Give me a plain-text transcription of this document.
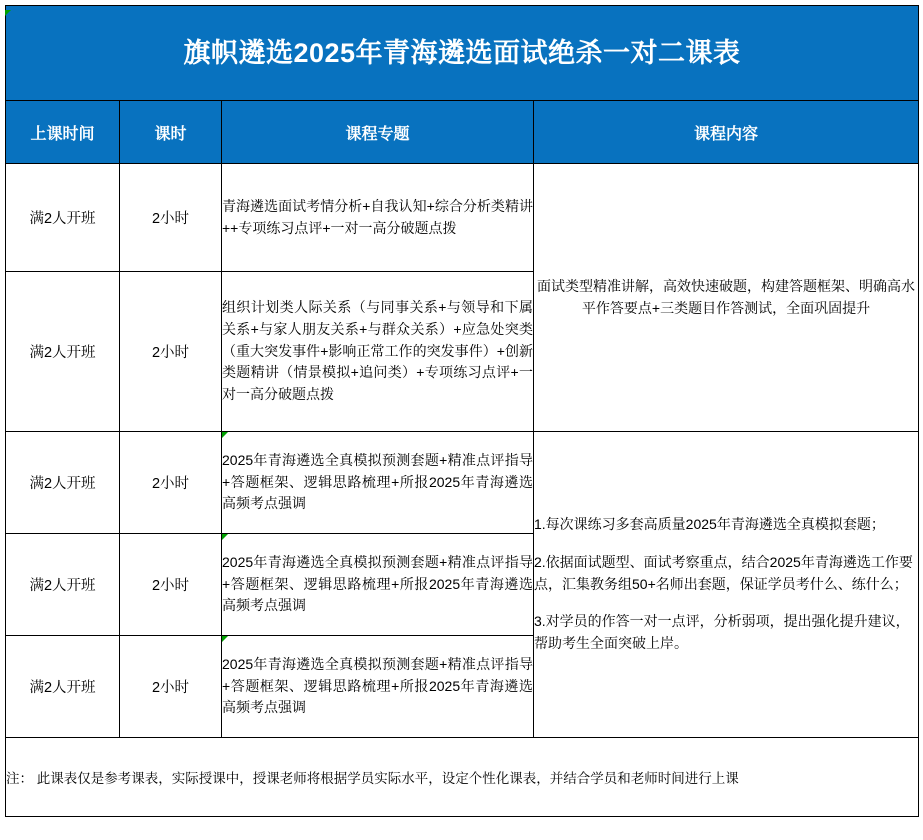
旗帜遴选2025年青海遴选面试绝杀一对二课表			

上课时间	课时	课程专题	课程内容
满2人开班	2小时	青海遴选面试考情分析+自我认知+综合分析类精讲++专项练习点评+一对一高分破题点拨	面试类型精准讲解，高效快速破题，构建答题框架、明确高水平作答要点+三类题目作答测试，全面巩固提升
满2人开班	2小时	组织计划类人际关系（与同事关系+与领导和下属关系+与家人朋友关系+与群众关系）+应急处突类（重大突发事件+影响正常工作的突发事件）+创新类题精讲（情景模拟+追问类）+专项练习点评+一对一高分破题点拨	
满2人开班	2小时	2025年青海遴选全真模拟预测套题+精准点评指导+答题框架、逻辑思路梳理+所报2025年青海遴选高频考点强调	1.每次课练习多套高质量2025年青海遴选全真模拟套题；

2.依据面试题型、面试考察重点，结合2025年青海遴选工作要点，汇集教务组50+名师出套题，保证学员考什么、练什么；

3.对学员的作答一对一点评，分析弱项，提出强化提升建议，帮助考生全面突破上岸。

满2人开班	2小时	2025年青海遴选全真模拟预测套题+精准点评指导+答题框架、逻辑思路梳理+所报2025年青海遴选高频考点强调	
满2人开班	2小时	2025年青海遴选全真模拟预测套题+精准点评指导+答题框架、逻辑思路梳理+所报2025年青海遴选高频考点强调	
注： 此课表仅是参考课表，实际授课中，授课老师将根据学员实际水平，设定个性化课表，并结合学员和老师时间进行上课			
